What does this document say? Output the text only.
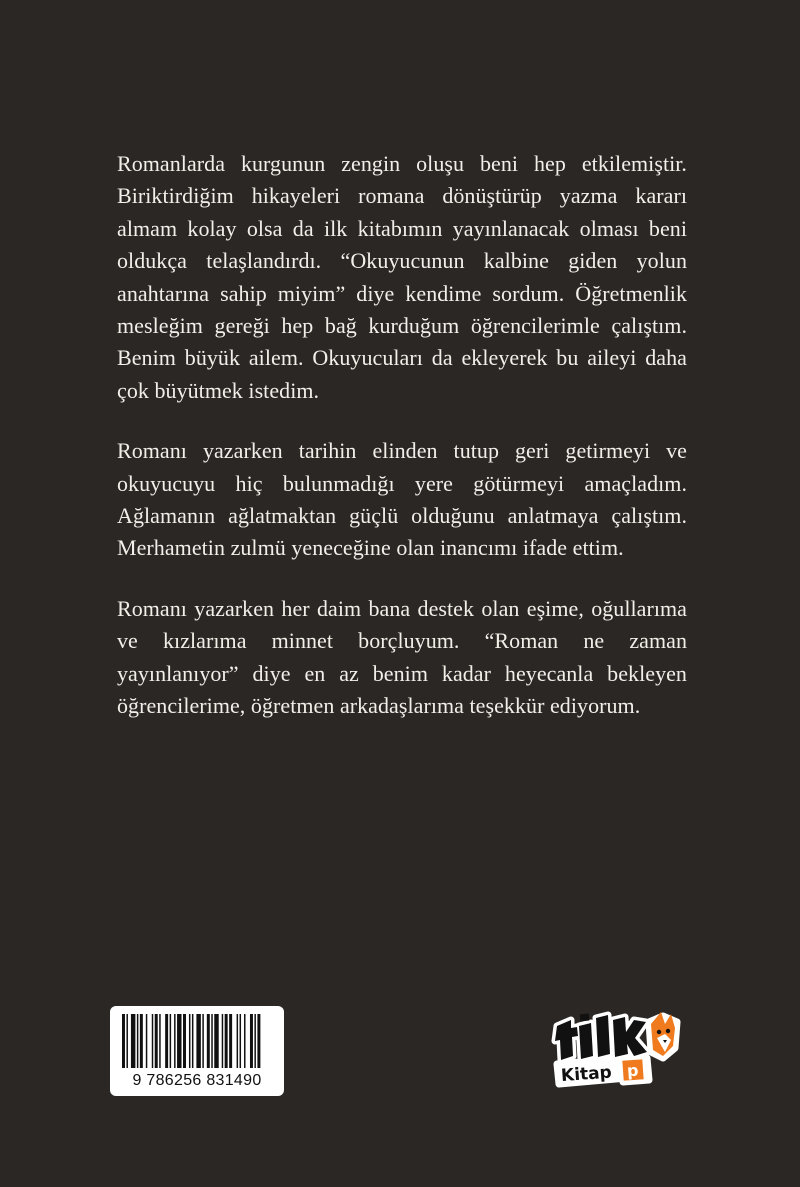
Romanlarda kurgunun zengin oluşu beni hep etkilemiştir. Biriktirdiğim hikayeleri romana dönüştürüp yazma kararı almam kolay olsa da ilk kitabımın yayınlanacak olması beni oldukça telaşlandırdı. “Okuyucunun kalbine giden yolun anahtarına sahip miyim” diye kendime sordum. Öğretmenlik mesleğim gereği hep bağ kurduğum öğrencilerimle çalıştım. Benim büyük ailem. Okuyucuları da ekleyerek bu aileyi daha çok büyütmek istedim.

Romanı yazarken tarihin elinden tutup geri getirmeyi ve okuyucuyu hiç bulunmadığı yere götürmeyi amaçladım. Ağlamanın ağlatmaktan güçlü olduğunu anlatmaya çalıştım. Merhametin zulmü yeneceğine olan inancımı ifade ettim.

Romanı yazarken her daim bana destek olan eşime, oğullarıma ve kızlarıma minnet borçluyum. “Roman ne zaman yayınlanıyor” diye en az benim kadar heyecanla bekleyen öğrencilerime, öğretmen arkadaşlarıma teşekkür ediyorum.

9 786256 831490	Kitap p
